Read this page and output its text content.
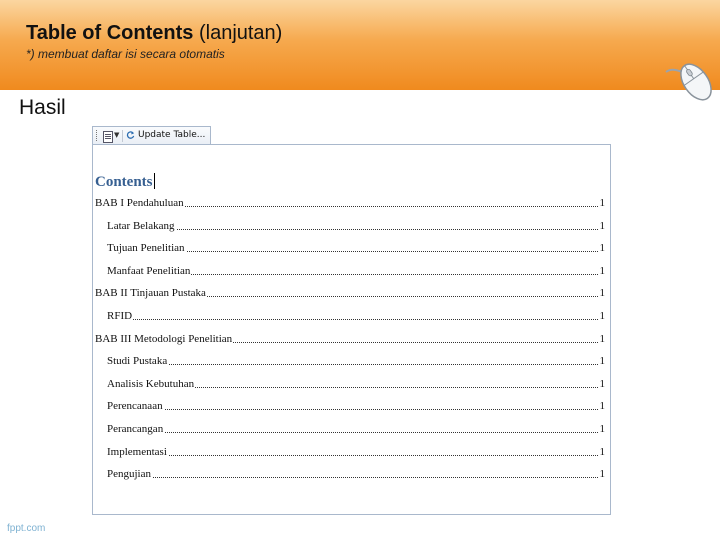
Table of Contents (lanjutan)
*) membuat daftar isi secara otomatis
Hasil
▼ Update Table...
Contents
BAB I Pendahuluan	1
Latar Belakang	1
Tujuan Penelitian	1
Manfaat Penelitian	1
BAB II Tinjauan Pustaka	1
RFID	1
BAB III Metodologi Penelitian	1
Studi Pustaka	1
Analisis Kebutuhan	1
Perencanaan	1
Perancangan	1
Implementasi	1
Pengujian	1
fppt.com
